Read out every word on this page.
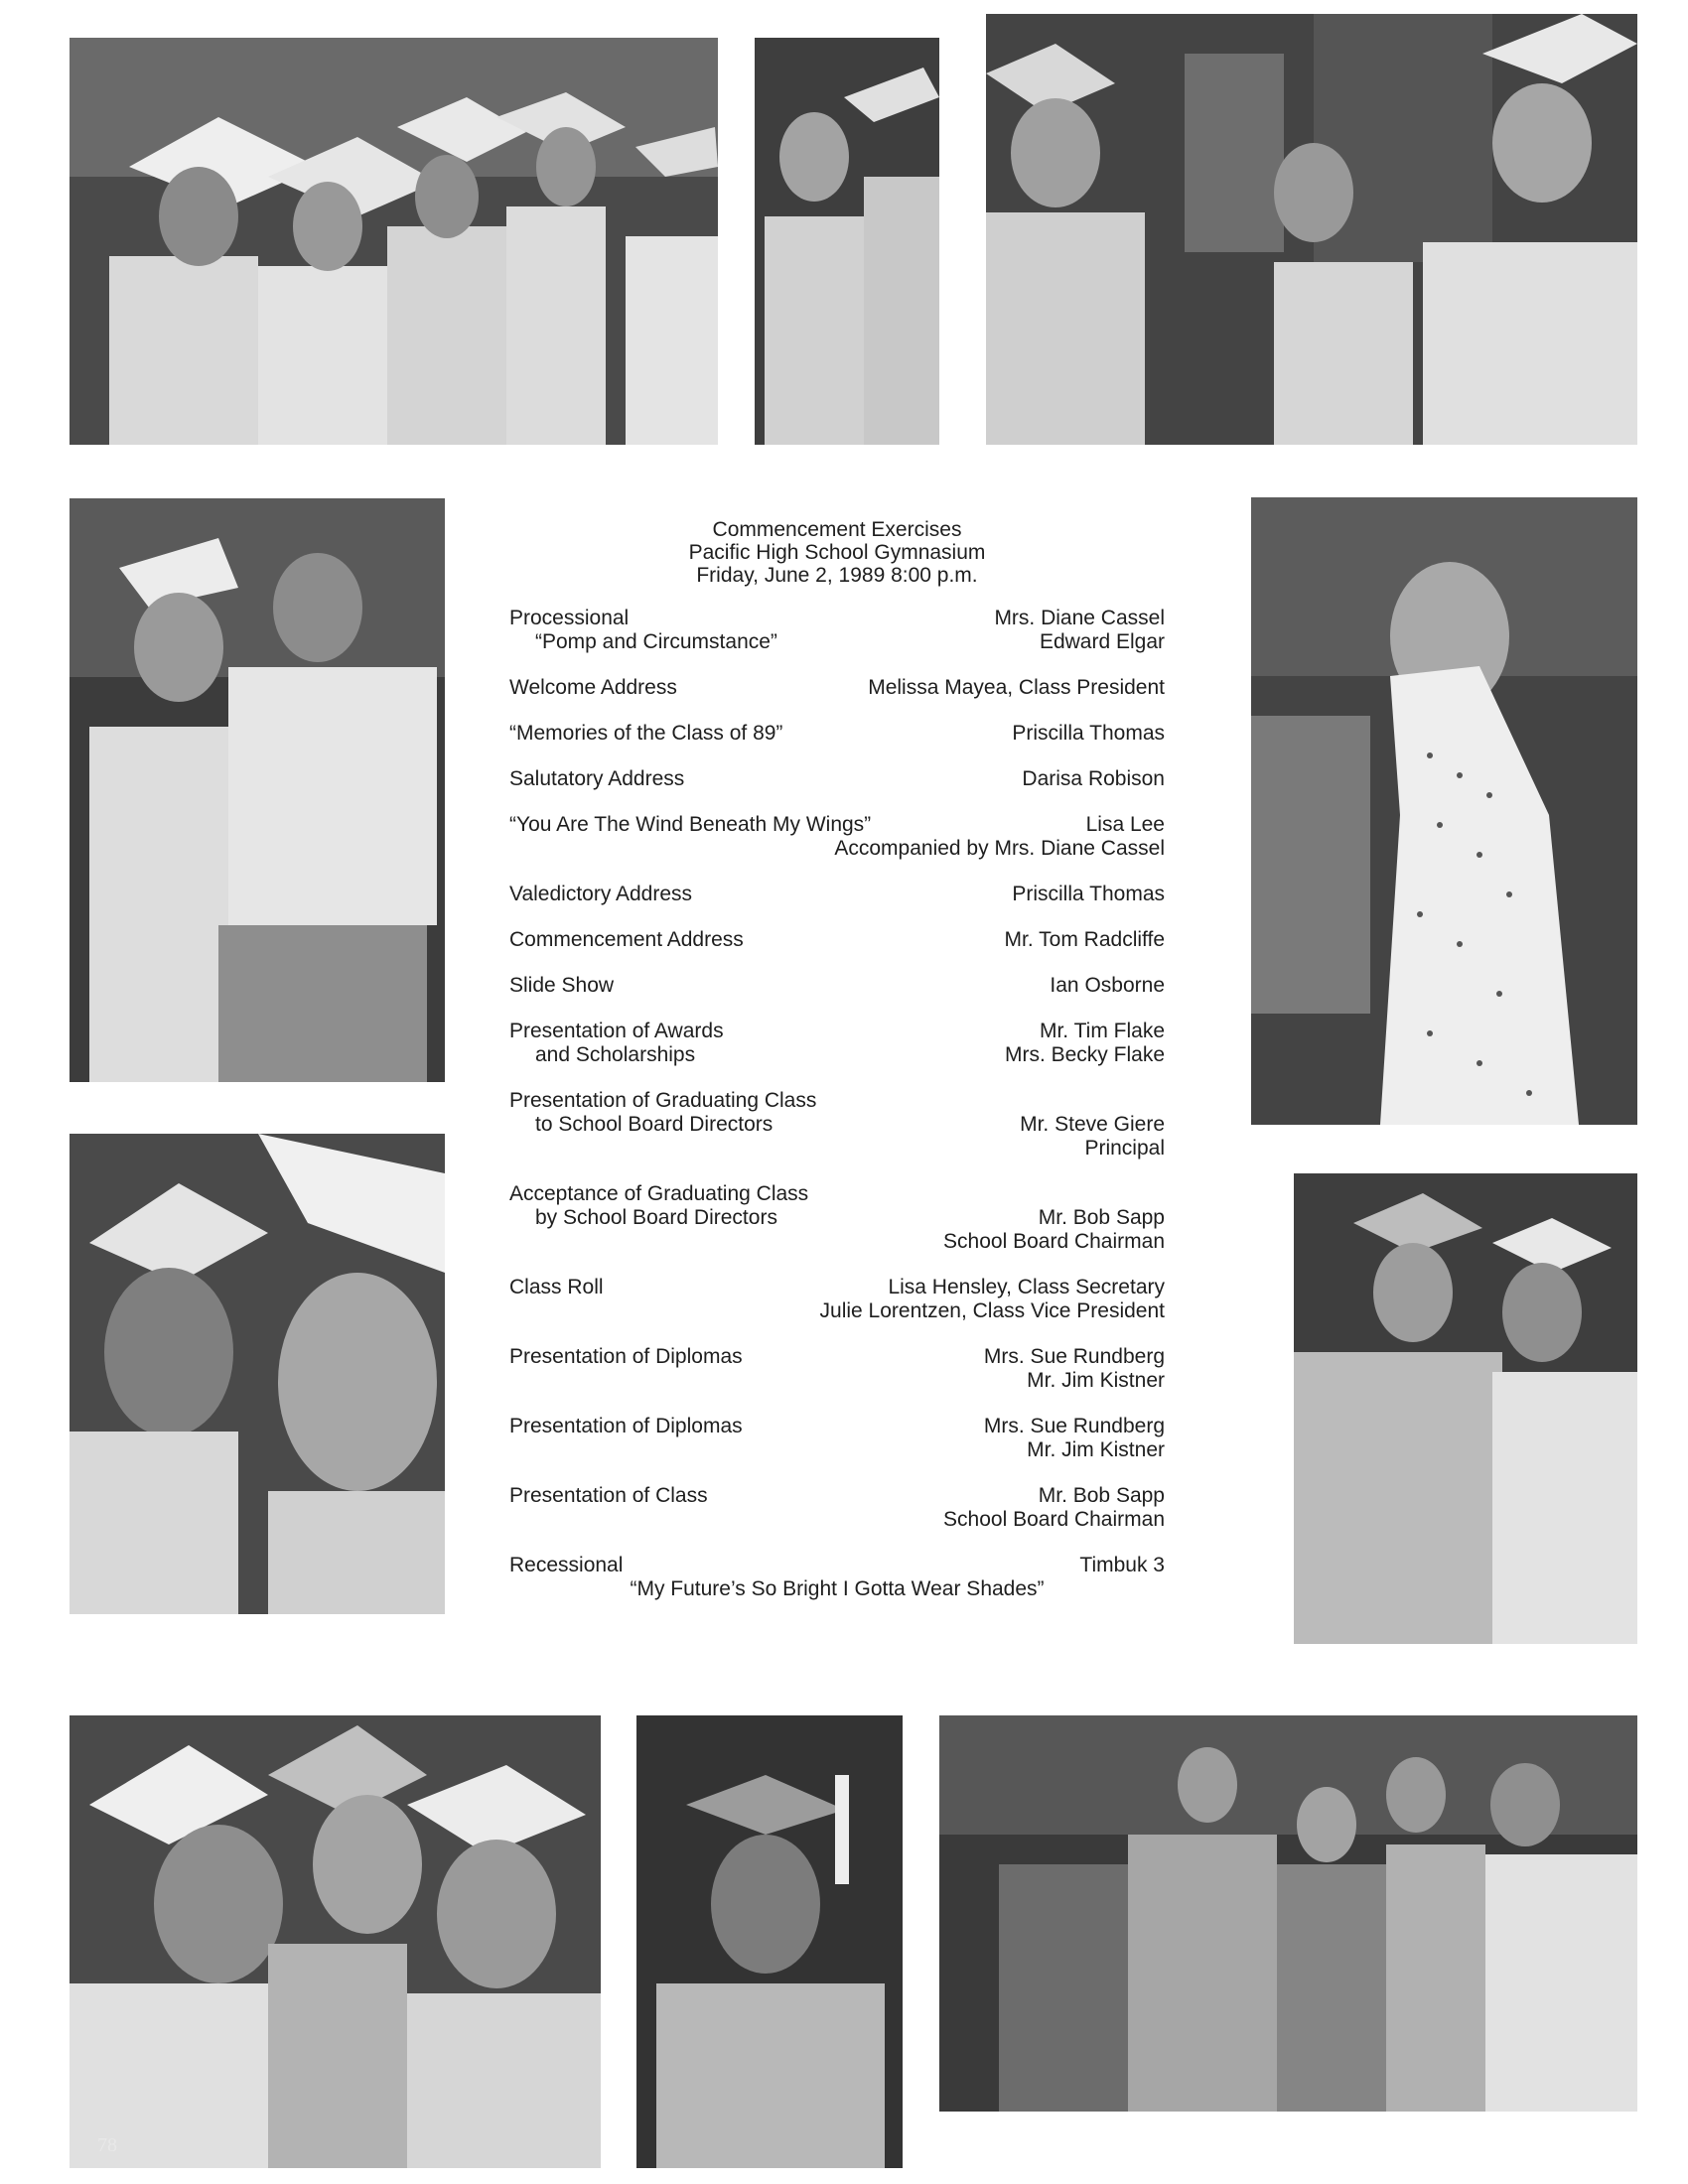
Commencement Exercises
Pacific High School Gymnasium
Friday, June 2, 1989 8:00 p.m.
Processional	Mrs. Diane Cassel
“Pomp and Circumstance”	Edward Elgar
Welcome Address	Melissa Mayea, Class President
“Memories of the Class of 89”	Priscilla Thomas
Salutatory Address	Darisa Robison
“You Are The Wind Beneath My Wings”	Lisa Lee
Accompanied by Mrs. Diane Cassel
Valedictory Address	Priscilla Thomas
Commencement Address	Mr. Tom Radcliffe
Slide Show	Ian Osborne
Presentation of Awards	Mr. Tim Flake
and Scholarships	Mrs. Becky Flake
Presentation of Graduating Class
to School Board Directors	Mr. Steve Giere
Principal
Acceptance of Graduating Class
by School Board Directors	Mr. Bob Sapp
School Board Chairman
Class Roll	Lisa Hensley, Class Secretary
Julie Lorentzen, Class Vice President
Presentation of Diplomas	Mrs. Sue Rundberg
Mr. Jim Kistner
Presentation of Diplomas	Mrs. Sue Rundberg
Mr. Jim Kistner
Presentation of Class	Mr. Bob Sapp
School Board Chairman
Recessional	Timbuk 3
“My Future’s So Bright I Gotta Wear Shades”
78
